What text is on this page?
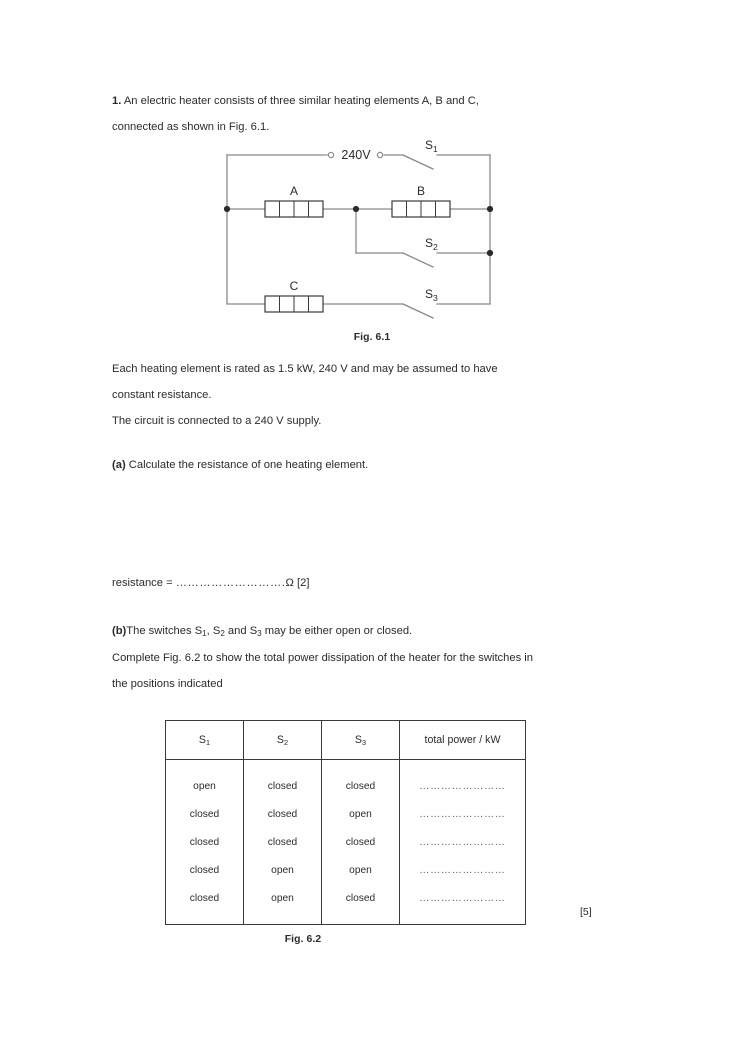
1. An electric heater consists of three similar heating elements A, B and C,
connected as shown in Fig. 6.1.
240V
A	B
C
$S_1$
$S_2$
$S_3$
Fig. 6.1
Each heating element is rated as 1.5 kW, 240 V and may be assumed to have
constant resistance.
The circuit is connected to a 240 V supply.
(a) Calculate the resistance of one heating element.
resistance = ……………………….Ω [2]
(b)The switches $S_1$, $S_2$ and $S_3$ may be either open or closed.
Complete Fig. 6.2 to show the total power dissipation of the heater for the switches in
the positions indicated
$S_1$	$S_2$	$S_3$	total power / kW
open	closed	closed	……………………
closed	closed	open	……………………
closed	closed	closed	……………………
closed	open	open	……………………
closed	open	closed	……………………
[5]
Fig. 6.2
